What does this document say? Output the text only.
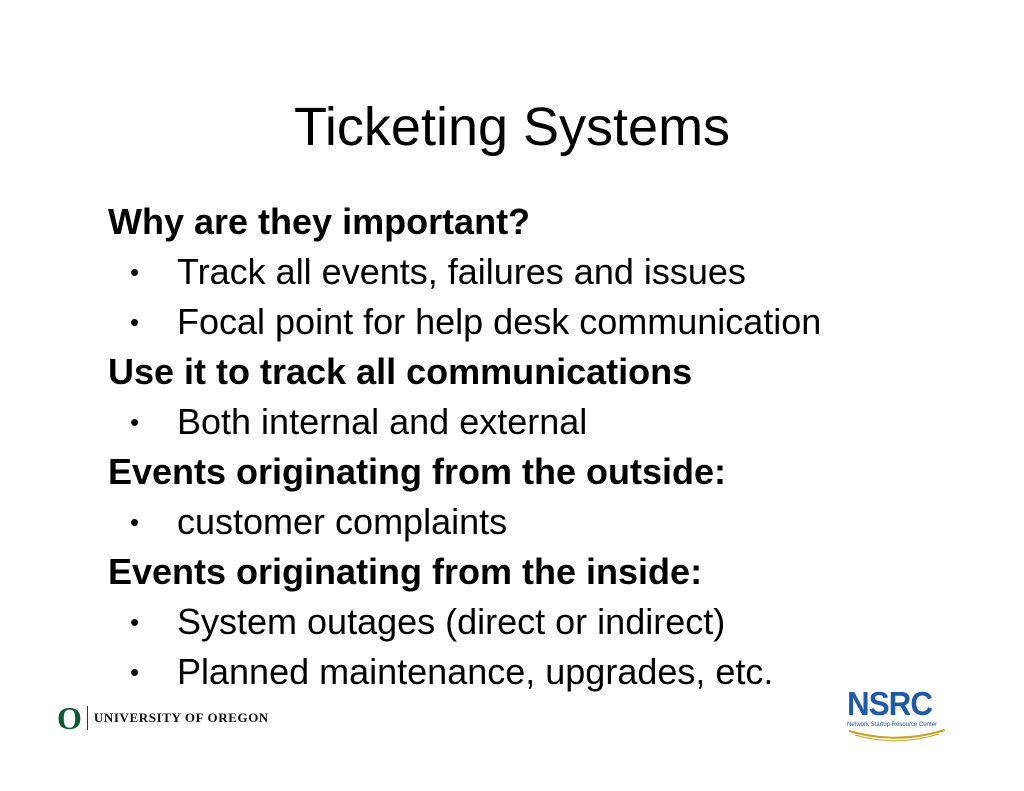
Ticketing Systems
Why are they important?
• Track all events, failures and issues
• Focal point for help desk communication
Use it to track all communications
• Both internal and external
Events originating from the outside:
• customer complaints
Events originating from the inside:
• System outages (direct or indirect)
• Planned maintenance, upgrades, etc.
O UNIVERSITY OF OREGON	NSRC
Network Startup Resource Center
